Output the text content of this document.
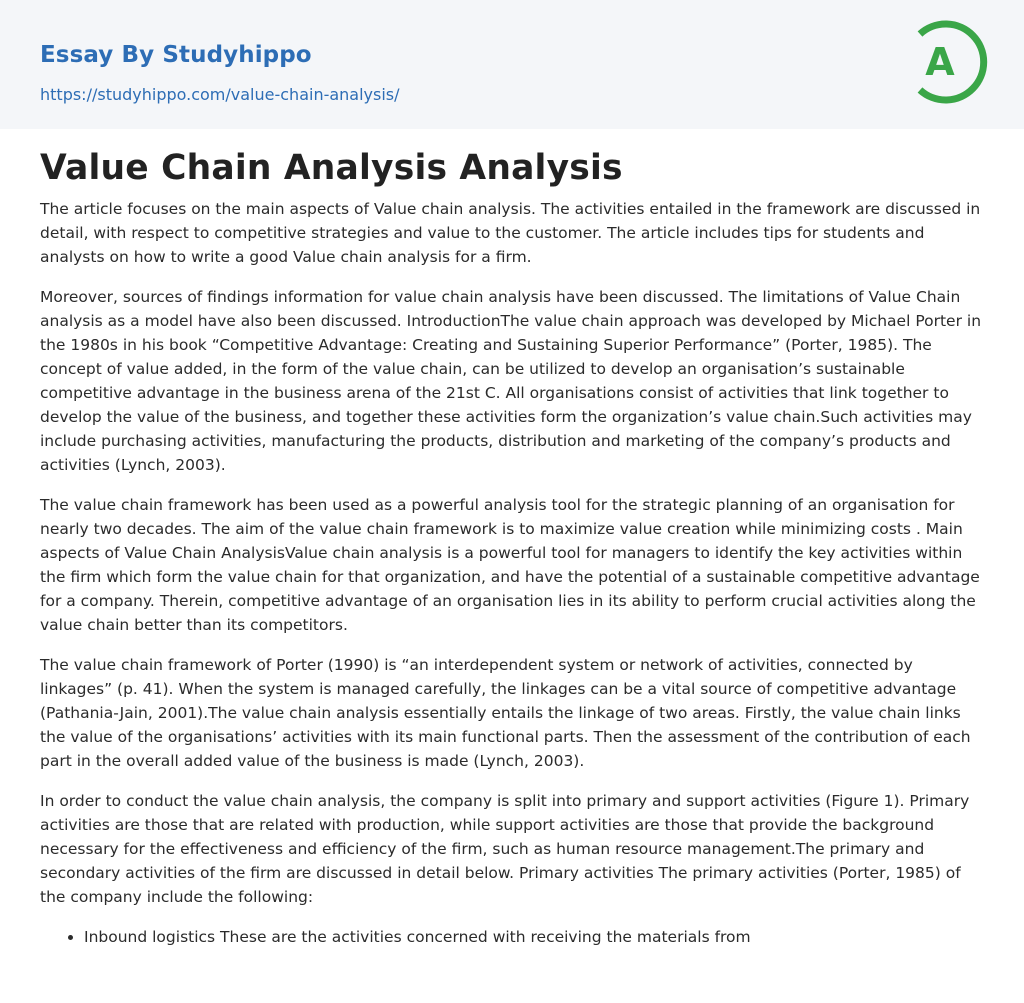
Essay By Studyhippo
https://studyhippo.com/value-chain-analysis/
A
Value Chain Analysis Analysis

The article focuses on the main aspects of Value chain analysis. The activities entailed in the framework are discussed in detail, with respect to competitive strategies and value to the customer. The article includes tips for students and analysts on how to write a good Value chain analysis for a firm.

Moreover, sources of findings information for value chain analysis have been discussed. The limitations of Value Chain analysis as a model have also been discussed. IntroductionThe value chain approach was developed by Michael Porter in the 1980s in his book “Competitive Advantage: Creating and Sustaining Superior Performance” (Porter, 1985). The concept of value added, in the form of the value chain, can be utilized to develop an organisation’s sustainable competitive advantage in the business arena of the 21st C. All organisations consist of activities that link together to develop the value of the business, and together these activities form the organization’s value chain.Such activities may include purchasing activities, manufacturing the products, distribution and marketing of the company’s products and activities (Lynch, 2003).

The value chain framework has been used as a powerful analysis tool for the strategic planning of an organisation for nearly two decades. The aim of the value chain framework is to maximize value creation while minimizing costs . Main aspects of Value Chain AnalysisValue chain analysis is a powerful tool for managers to identify the key activities within the firm which form the value chain for that organization, and have the potential of a sustainable competitive advantage for a company. Therein, competitive advantage of an organisation lies in its ability to perform crucial activities along the value chain better than its competitors.

The value chain framework of Porter (1990) is “an interdependent system or network of activities, connected by linkages” (p. 41). When the system is managed carefully, the linkages can be a vital source of competitive advantage (Pathania-Jain, 2001).The value chain analysis essentially entails the linkage of two areas. Firstly, the value chain links the value of the organisations’ activities with its main functional parts. Then the assessment of the contribution of each part in the overall added value of the business is made (Lynch, 2003).

In order to conduct the value chain analysis, the company is split into primary and support activities (Figure 1). Primary activities are those that are related with production, while support activities are those that provide the background necessary for the effectiveness and efficiency of the firm, such as human resource management.The primary and secondary activities of the firm are discussed in detail below. Primary activities The primary activities (Porter, 1985) of the company include the following:

• Inbound logistics These are the activities concerned with receiving the materials from
